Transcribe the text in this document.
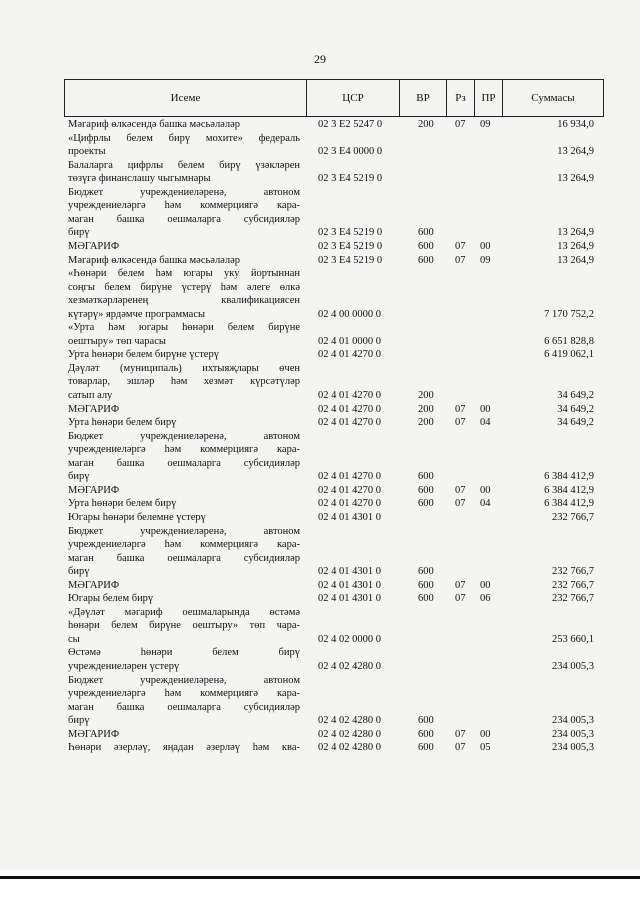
29
Исеме	ЦСР	ВР	Рз	ПР	Суммасы
Мәгариф өлкәсендә башка мәсьәләләр	02 3 E2 5247 0	200 07 09	16 934,0
«Цифрлы белем бирү мохите» федераль
проекты	02 3 E4 0000 0	13 264,9
Балаларга цифрлы белем бирү үзәкләрен
төзүгә финанслашу чыгымнары	02 3 E4 5219 0	13 264,9
Бюджет учреждениеләренә, автоном
учреждениеләргә һәм коммерциягә кара-
маган башка оешмаларга субсидияләр
бирү	02 3 E4 5219 0	600	13 264,9
МӘГАРИФ	02 3 E4 5219 0	600 07 00	13 264,9
Мәгариф өлкәсендә башка мәсьәләләр	02 3 E4 5219 0	600 07 09	13 264,9
«Һөнәри белем һәм югары уку йортыннан
соңгы белем бирүне үстерү һәм әлеге өлкә
хезмәткәрләренең квалификациясен
күтәрү» ярдәмче программасы	02 4 00 0000 0	7 170 752,2
«Урта һәм югары һөнәри белем бирүне
оештыру» төп чарасы	02 4 01 0000 0	6 651 828,8
Урта һөнәри белем бирүне үстерү	02 4 01 4270 0	6 419 062,1
Дәүләт (муниципаль) ихтыяҗлары өчен
товарлар, эшләр һәм хезмәт күрсәтүләр
сатып алу	02 4 01 4270 0	200	34 649,2
МӘГАРИФ	02 4 01 4270 0	200 07 00	34 649,2
Урта һөнәри белем бирү	02 4 01 4270 0	200 07 04	34 649,2
Бюджет учреждениеләренә, автоном
учреждениеләргә һәм коммерциягә кара-
маган башка оешмаларга субсидияләр
бирү	02 4 01 4270 0	600	6 384 412,9
МӘГАРИФ	02 4 01 4270 0	600 07 00	6 384 412,9
Урта һөнәри белем бирү	02 4 01 4270 0	600 07 04	6 384 412,9
Югары һөнәри белемне үстерү	02 4 01 4301 0	232 766,7
Бюджет учреждениеләренә, автоном
учреждениеләргә һәм коммерциягә кара-
маган башка оешмаларга субсидияләр
бирү	02 4 01 4301 0	600	232 766,7
МӘГАРИФ	02 4 01 4301 0	600 07 00	232 766,7
Югары белем бирү	02 4 01 4301 0	600 07 06	232 766,7
«Дәүләт мәгариф оешмаларында өстәмә
һөнәри белем бирүне оештыру» төп чара-
сы	02 4 02 0000 0	253 660,1
Өстәмә һөнәри белем бирү
учреждениеләрен үстерү	02 4 02 4280 0	234 005,3
Бюджет учреждениеләренә, автоном
учреждениеләргә һәм коммерциягә кара-
маган башка оешмаларга субсидияләр
бирү	02 4 02 4280 0	600	234 005,3
МӘГАРИФ	02 4 02 4280 0	600 07 00	234 005,3
Һөнәри әзерләү, яңадан әзерләү һәм ква- 02 4 02 4280 0	600 07 05	234 005,3
